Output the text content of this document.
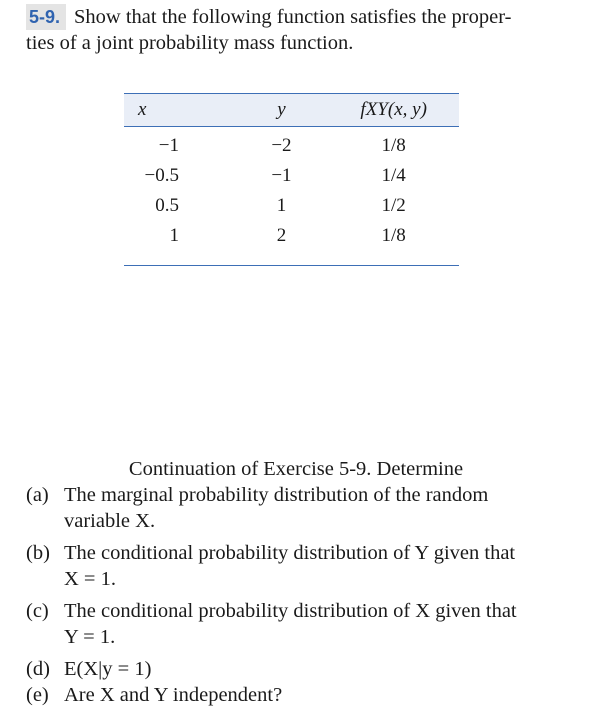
5-9. Show that the following function satisfies the proper-
ties of a joint probability mass function.
x	y	fXY(x, y)
−1	−2	1/8
−0.5	−1	1/4
0.5	1	1/2
1	2	1/8
Continuation of Exercise 5-9. Determine
(a) The marginal probability distribution of the random
variable X.
(b) The conditional probability distribution of Y given that
X = 1.
(c) The conditional probability distribution of X given that
Y = 1.
(d) E(X|y = 1)
(e) Are X and Y independent?
